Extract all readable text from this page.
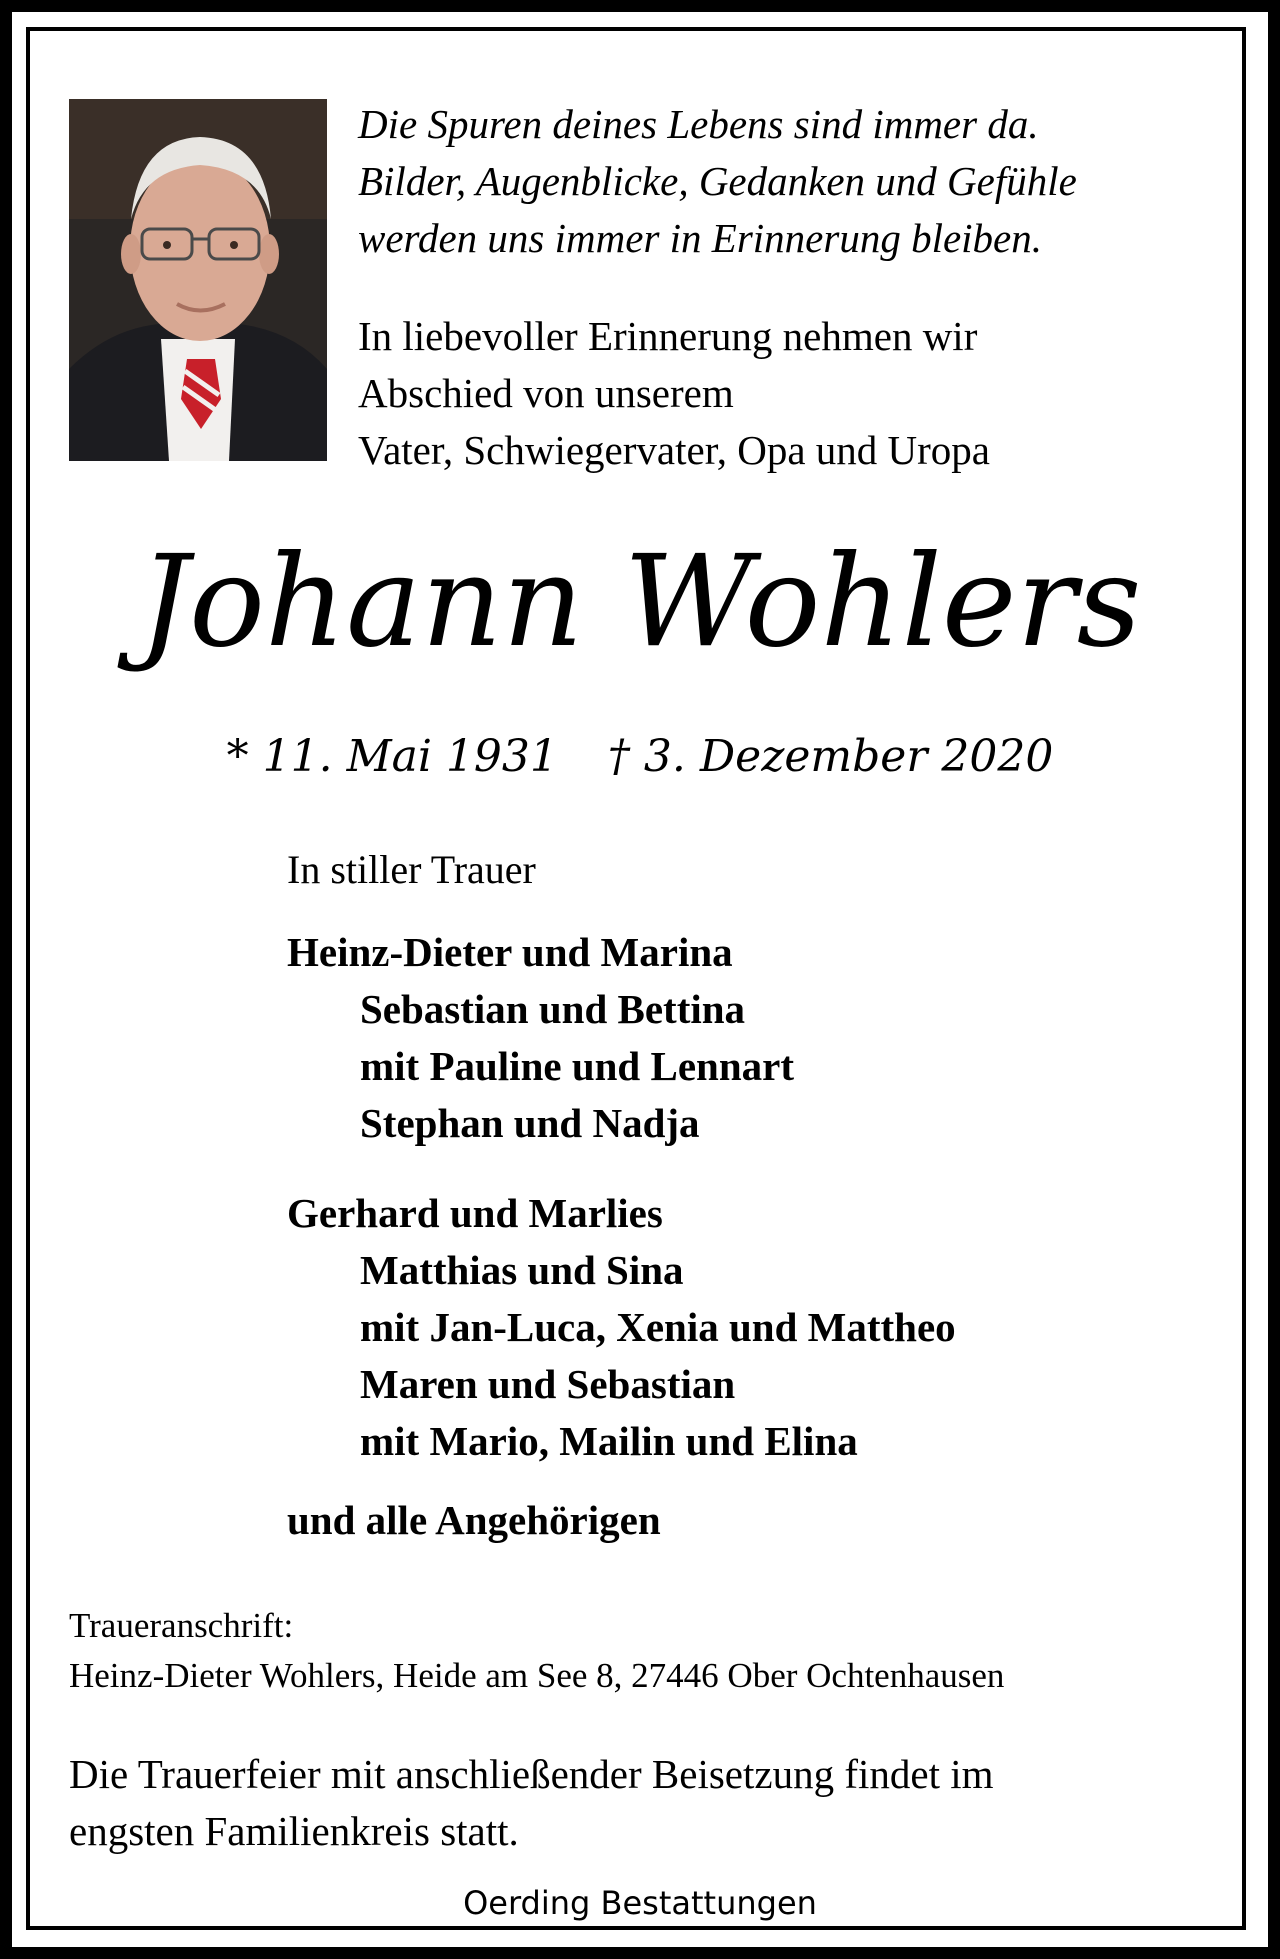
Die Spuren deines Lebens sind immer da.
Bilder, Augenblicke, Gedanken und Gefühle
werden uns immer in Erinnerung bleiben.
In liebevoller Erinnerung nehmen wir
Abschied von unserem
Vater, Schwiegervater, Opa und Uropa
Johann Wohlers
* 11. Mai 1931 † 3. Dezember 2020
In stiller Trauer
Heinz-Dieter und Marina
Sebastian und Bettina
mit Pauline und Lennart
Stephan und Nadja
Gerhard und Marlies
Matthias und Sina
mit Jan-Luca, Xenia und Mattheo
Maren und Sebastian
mit Mario, Mailin und Elina
und alle Angehörigen
Traueranschrift:
Heinz-Dieter Wohlers, Heide am See 8, 27446 Ober Ochtenhausen
Die Trauerfeier mit anschließender Beisetzung findet im
engsten Familienkreis statt.
Oerding Bestattungen
